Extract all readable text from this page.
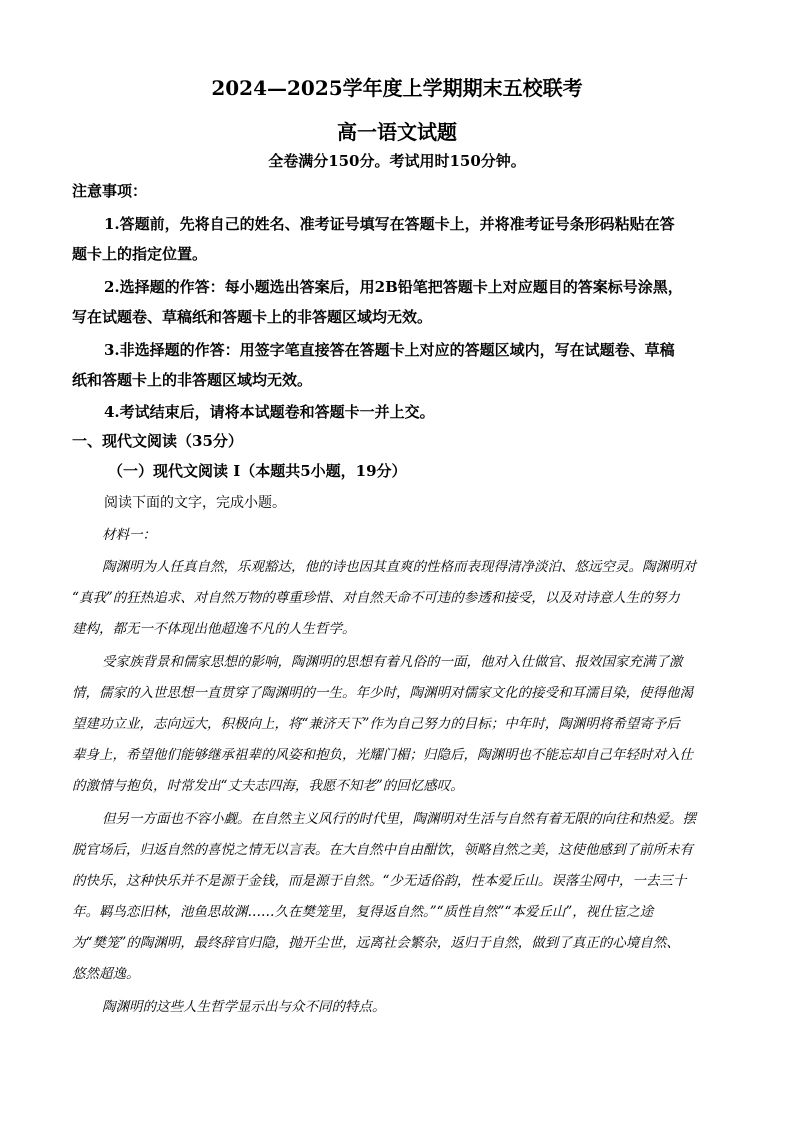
2024—2025学年度上学期期末五校联考
高一语文试题
全卷满分150分。考试用时150分钟。
注意事项：
1.答题前，先将自己的姓名、准考证号填写在答题卡上，并将准考证号条形码粘贴在答
题卡上的指定位置。
2.选择题的作答：每小题选出答案后，用2B铅笔把答题卡上对应题目的答案标号涂黑，
写在试题卷、草稿纸和答题卡上的非答题区域均无效。
3.非选择题的作答：用签字笔直接答在答题卡上对应的答题区域内，写在试题卷、草稿
纸和答题卡上的非答题区域均无效。
4.考试结束后，请将本试题卷和答题卡一并上交。
一、现代文阅读（35分）
（一）现代文阅读 I（本题共5小题，19分）
阅读下面的文字，完成小题。
材料一：
陶渊明为人任真自然，乐观豁达，他的诗也因其直爽的性格而表现得清净淡泊、悠远空灵。陶渊明对
“真我”的狂热追求、对自然万物的尊重珍惜、对自然天命不可违的参透和接受，以及对诗意人生的努力
建构，都无一不体现出他超逸不凡的人生哲学。
受家族背景和儒家思想的影响，陶渊明的思想有着凡俗的一面，他对入仕做官、报效国家充满了激
情，儒家的入世思想一直贯穿了陶渊明的一生。年少时，陶渊明对儒家文化的接受和耳濡目染，使得他渴
望建功立业，志向远大，积极向上，将“兼济天下”作为自己努力的目标；中年时，陶渊明将希望寄予后
辈身上，希望他们能够继承祖辈的风姿和抱负，光耀门楣；归隐后，陶渊明也不能忘却自己年轻时对入仕
的激情与抱负，时常发出“丈夫志四海，我愿不知老”的回忆感叹。
但另一方面也不容小觑。在自然主义风行的时代里，陶渊明对生活与自然有着无限的向往和热爱。摆
脱官场后，归返自然的喜悦之情无以言表。在大自然中自由酣饮，领略自然之美，这使他感到了前所未有
的快乐，这种快乐并不是源于金钱，而是源于自然。“少无适俗韵，性本爱丘山。误落尘网中，一去三十
年。羁鸟恋旧林，池鱼思故渊……久在樊笼里，复得返自然。”“质性自然”“本爱丘山”，视仕宦之途
为“樊笼”的陶渊明，最终辞官归隐，抛开尘世，远离社会繁杂，返归于自然，做到了真正的心境自然、
悠然超逸。
陶渊明的这些人生哲学显示出与众不同的特点。
